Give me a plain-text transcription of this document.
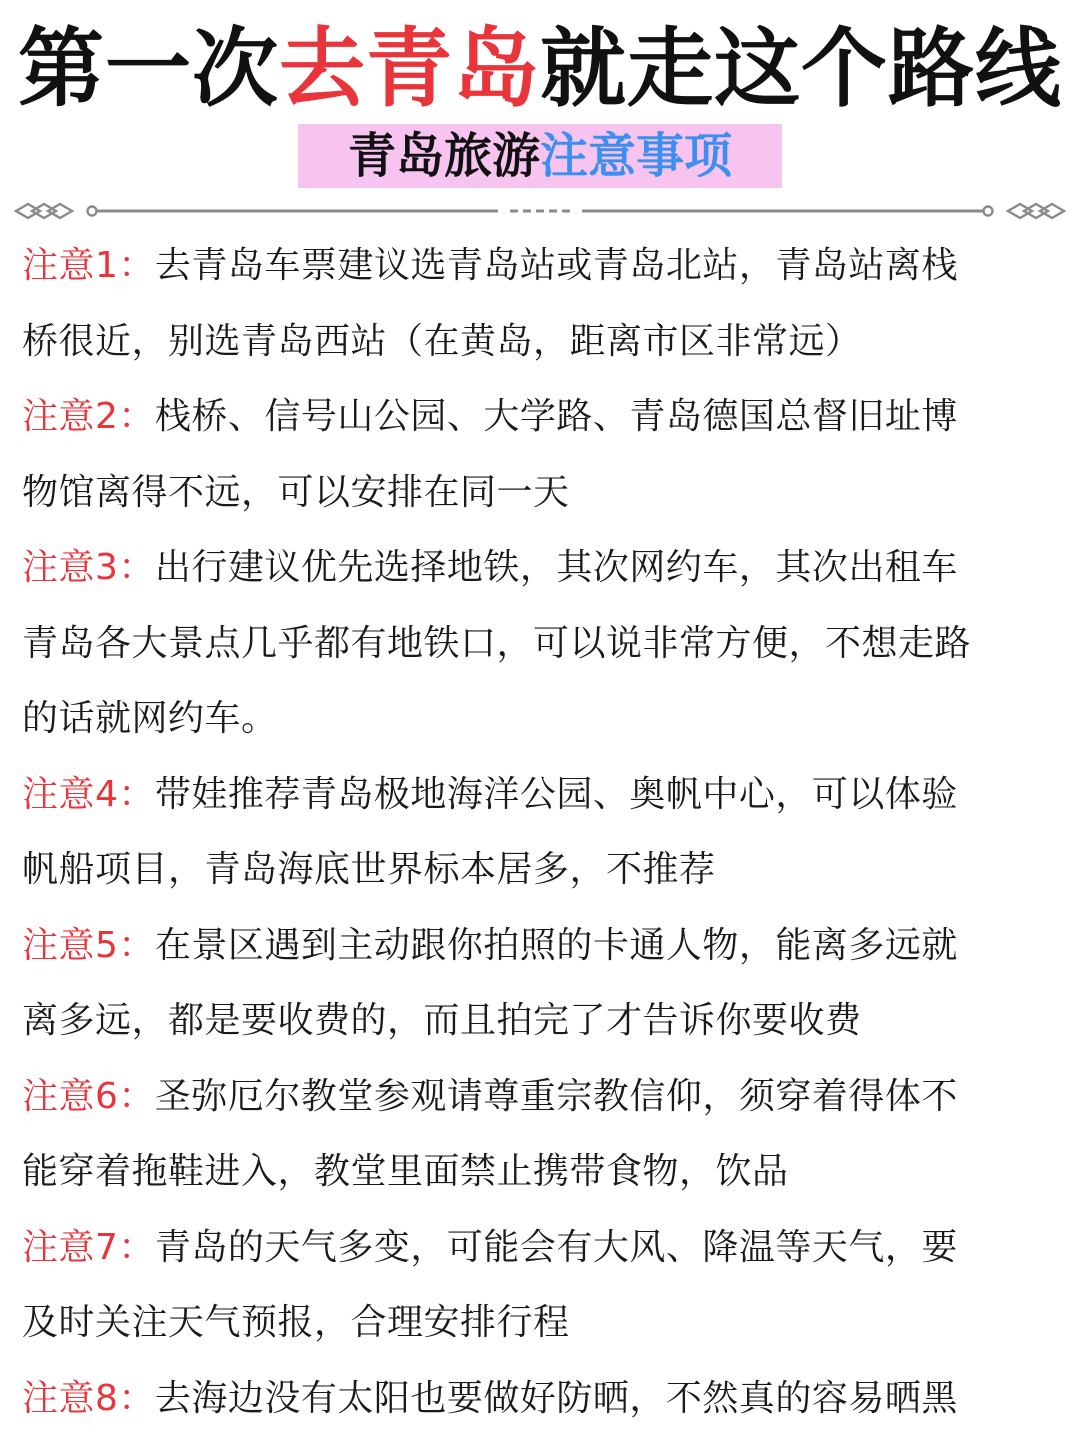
第一次去青岛就走这个路线
青岛旅游注意事项
注意1：去青岛车票建议选青岛站或青岛北站，青岛站离栈
桥很近，别选青岛西站（在黄岛，距离市区非常远）
注意2：栈桥、信号山公园、大学路、青岛德国总督旧址博
物馆离得不远，可以安排在同一天
注意3：出行建议优先选择地铁，其次网约车，其次出租车
青岛各大景点几乎都有地铁口，可以说非常方便，不想走路
的话就网约车。
注意4：带娃推荐青岛极地海洋公园、奥帆中心，可以体验
帆船项目，青岛海底世界标本居多，不推荐
注意5：在景区遇到主动跟你拍照的卡通人物，能离多远就
离多远，都是要收费的，而且拍完了才告诉你要收费
注意6：圣弥厄尔教堂参观请尊重宗教信仰，须穿着得体不
能穿着拖鞋进入，教堂里面禁止携带食物，饮品
注意7：青岛的天气多变，可能会有大风、降温等天气，要
及时关注天气预报，合理安排行程
注意8：去海边没有太阳也要做好防晒，不然真的容易晒黑
